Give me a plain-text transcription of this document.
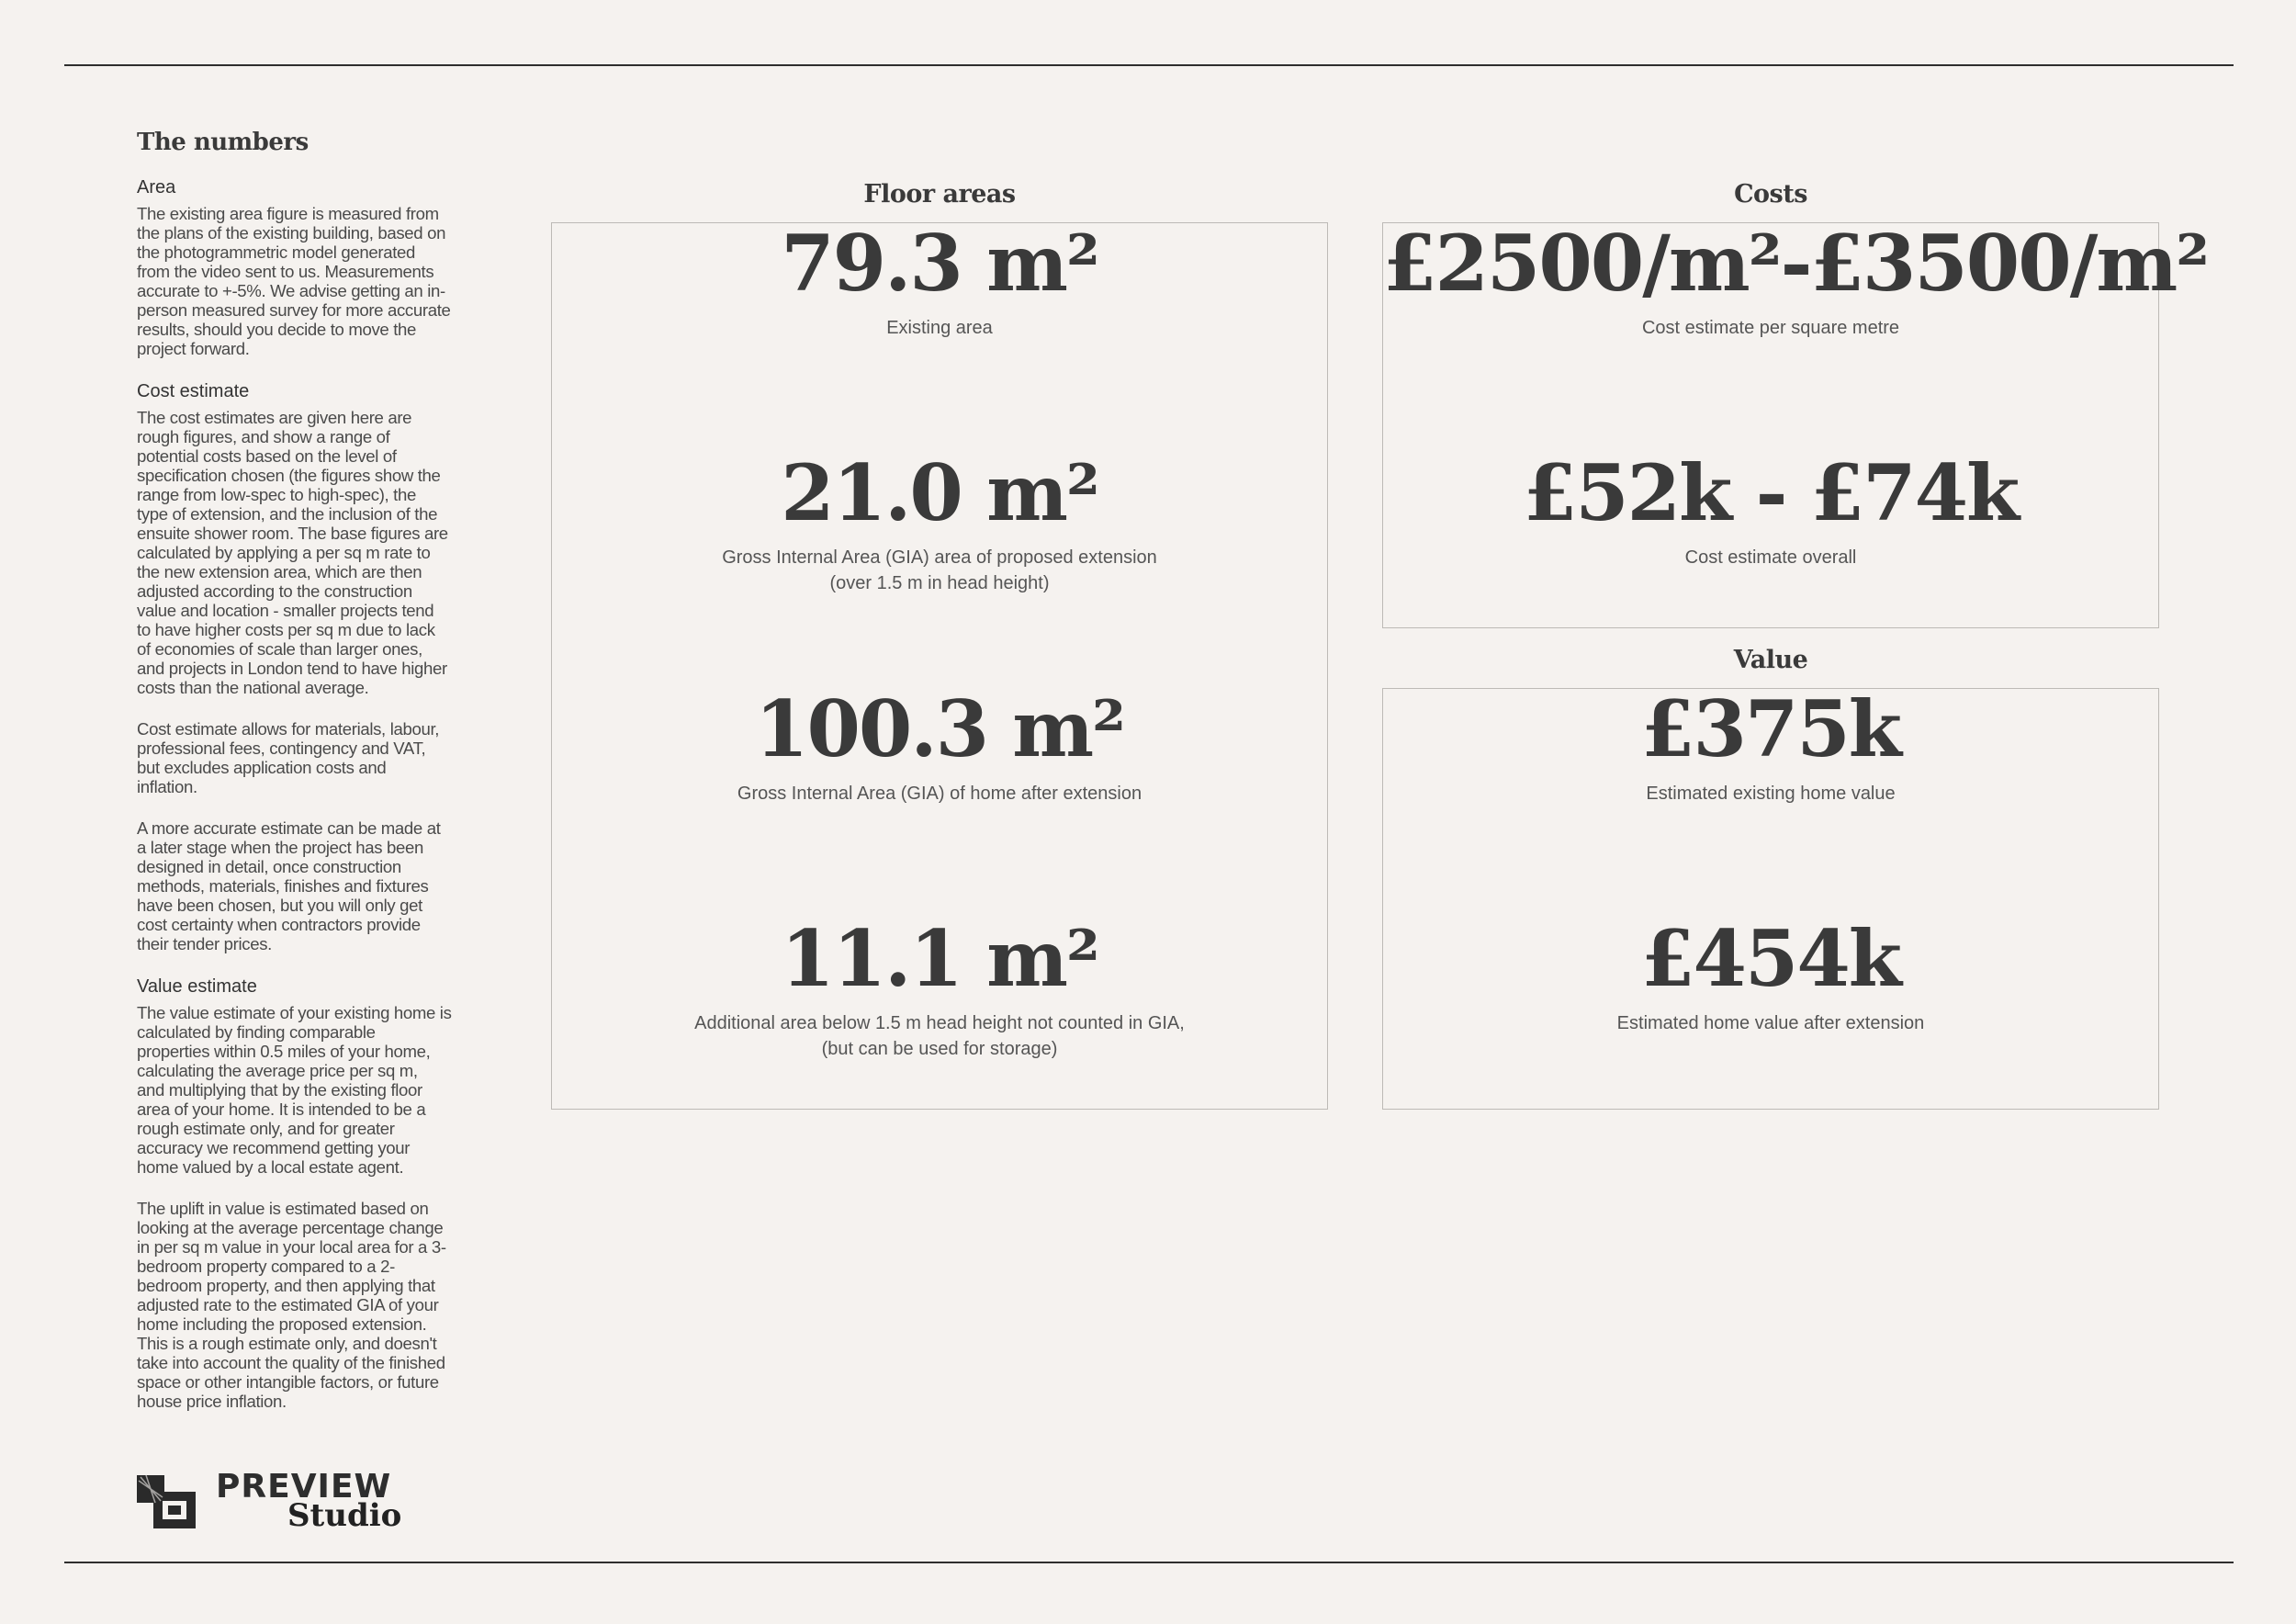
The numbers
Area

The existing area figure is measured from
the plans of the existing building, based on
the photogrammetric model generated
from the video sent to us. Measurements
accurate to +-5%. We advise getting an in-
person measured survey for more accurate
results, should you decide to move the
project forward.

Cost estimate

The cost estimates are given here are
rough figures, and show a range of
potential costs based on the level of
specification chosen (the figures show the
range from low-spec to high-spec), the
type of extension, and the inclusion of the
ensuite shower room. The base figures are
calculated by applying a per sq m rate to
the new extension area, which are then
adjusted according to the construction
value and location - smaller projects tend
to have higher costs per sq m due to lack
of economies of scale than larger ones,
and projects in London tend to have higher
costs than the national average.

Cost estimate allows for materials, labour,
professional fees, contingency and VAT,
but excludes application costs and
inflation.

A more accurate estimate can be made at
a later stage when the project has been
designed in detail, once construction
methods, materials, finishes and fixtures
have been chosen, but you will only get
cost certainty when contractors provide
their tender prices.

Value estimate

The value estimate of your existing home is
calculated by finding comparable
properties within 0.5 miles of your home,
calculating the average price per sq m,
and multiplying that by the existing floor
area of your home. It is intended to be a
rough estimate only, and for greater
accuracy we recommend getting your
home valued by a local estate agent.

The uplift in value is estimated based on
looking at the average percentage change
in per sq m value in your local area for a 3-
bedroom property compared to a 2-
bedroom property, and then applying that
adjusted rate to the estimated GIA of your
home including the proposed extension.
This is a rough estimate only, and doesn't
take into account the quality of the finished
space or other intangible factors, or future
house price inflation.

Floor areas
79.3 m²
Existing area
21.0 m²
Gross Internal Area (GIA) area of proposed extension
(over 1.5 m in head height)
100.3 m²
Gross Internal Area (GIA) of home after extension
11.1 m²
Additional area below 1.5 m head height not counted in GIA,
(but can be used for storage)
Costs
£2500/m²-£3500/m²
Cost estimate per square metre
£52k - £74k
Cost estimate overall
Value
£375k
Estimated existing home value
£454k
Estimated home value after extension
PREVIEW
Studio
